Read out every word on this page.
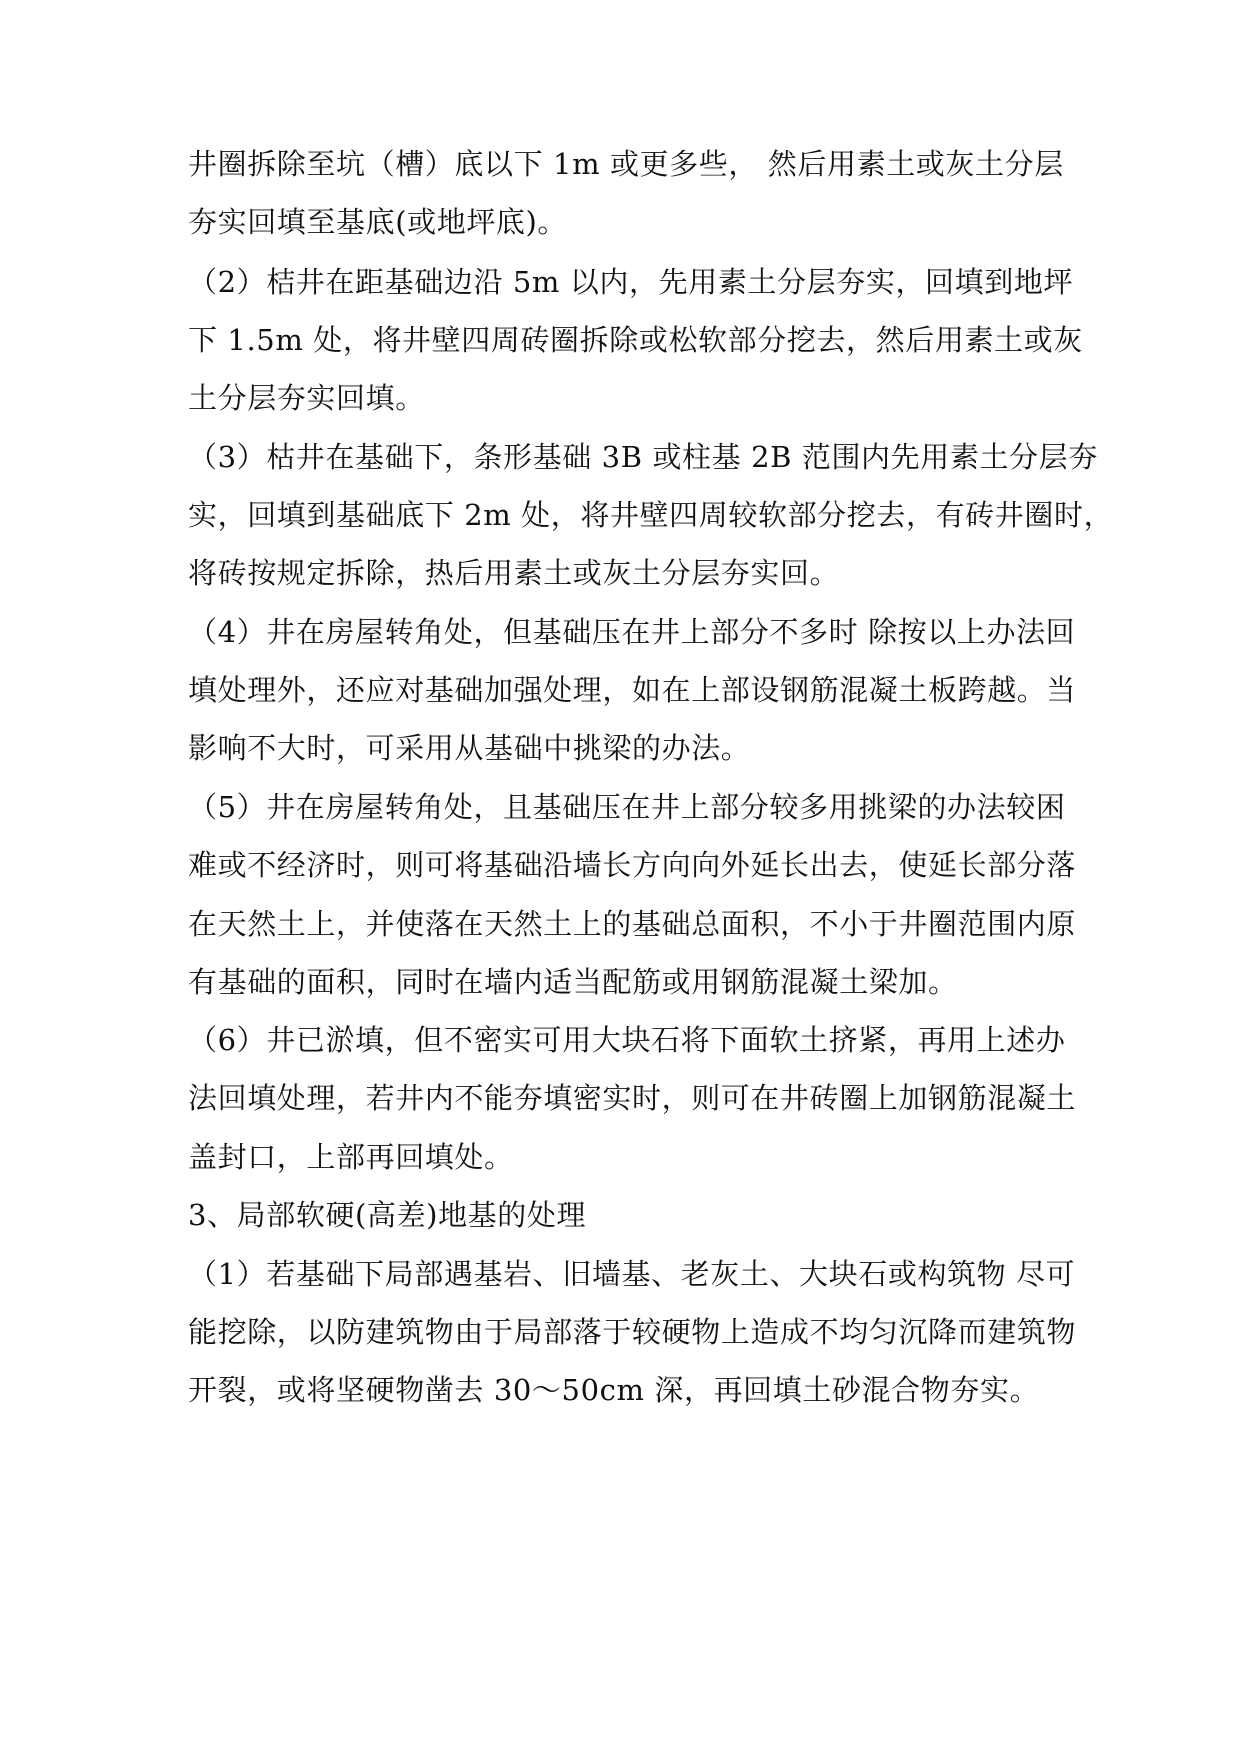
井圈拆除至坑（槽）底以下 1m 或更多些， 然后用素土或灰土分层
夯实回填至基底(或地坪底)。
（2）桔井在距基础边沿 5m 以内，先用素土分层夯实，回填到地坪
下 1.5m 处，将井壁四周砖圈拆除或松软部分挖去，然后用素土或灰
土分层夯实回填。
（3）枯井在基础下，条形基础 3B 或柱基 2B 范围内先用素土分层夯
实，回填到基础底下 2m 处，将井壁四周较软部分挖去，有砖井圈时，
将砖按规定拆除，热后用素土或灰土分层夯实回。
（4）井在房屋转角处，但基础压在井上部分不多时 除按以上办法回
填处理外，还应对基础加强处理，如在上部设钢筋混凝土板跨越。当
影响不大时，可采用从基础中挑梁的办法。
（5）井在房屋转角处，且基础压在井上部分较多用挑梁的办法较困
难或不经济时，则可将基础沿墙长方向向外延长出去，使延长部分落
在天然土上，并使落在天然土上的基础总面积，不小于井圈范围内原
有基础的面积，同时在墙内适当配筋或用钢筋混凝土梁加。
（6）井已淤填，但不密实可用大块石将下面软土挤紧，再用上述办
法回填处理，若井内不能夯填密实时，则可在井砖圈上加钢筋混凝土
盖封口，上部再回填处。
3、局部软硬(高差)地基的处理
（1）若基础下局部遇基岩、旧墙基、老灰土、大块石或构筑物 尽可
能挖除，以防建筑物由于局部落于较硬物上造成不均匀沉降而建筑物
开裂，或将坚硬物凿去 30～50cm 深，再回填土砂混合物夯实。
